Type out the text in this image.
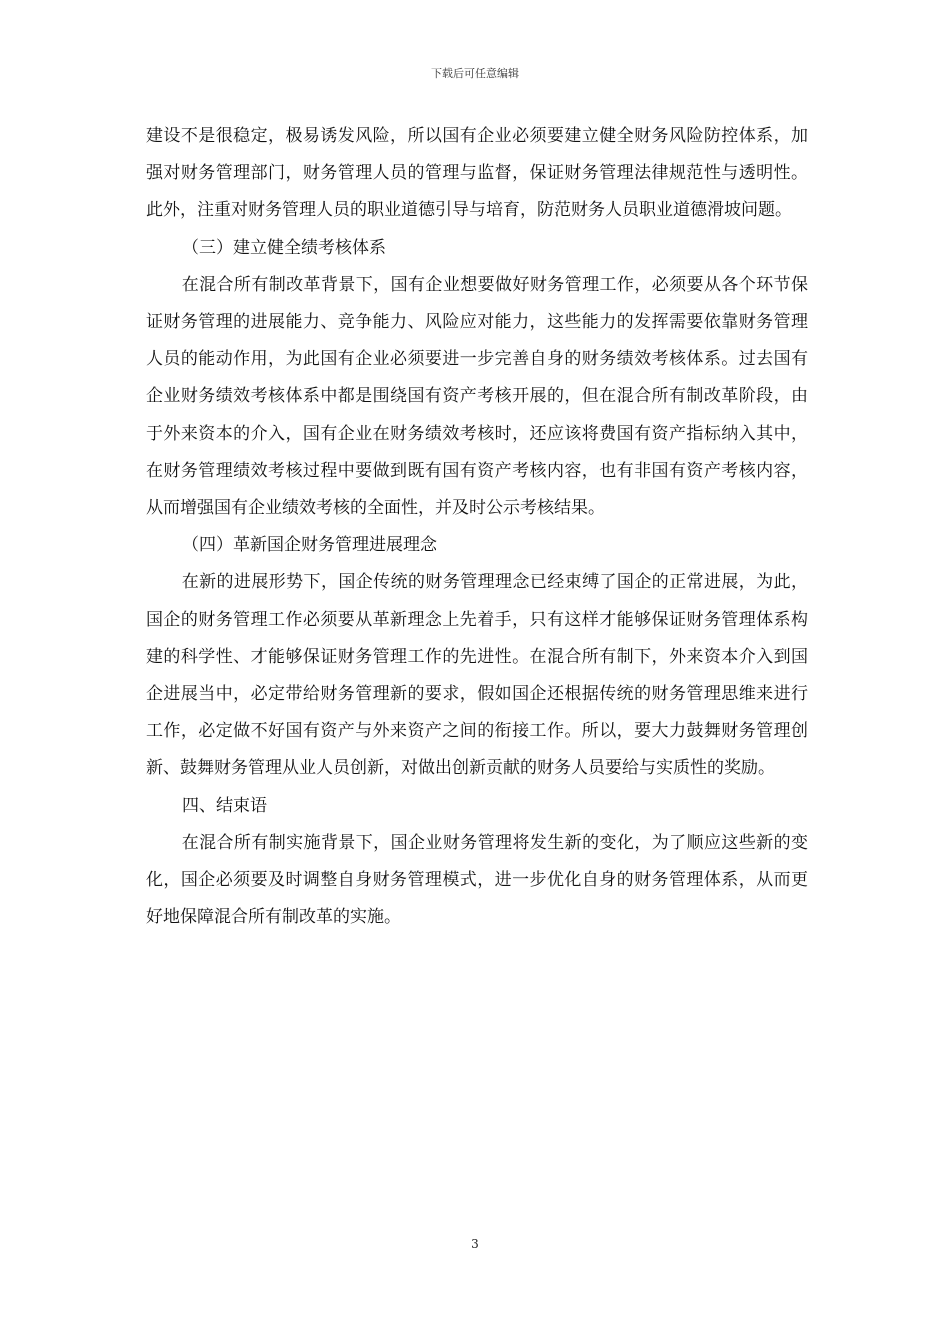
下载后可任意编辑

建设不是很稳定，极易诱发风险，所以国有企业必须要建立健全财务风险防控体系，加强对财务管理部门，财务管理人员的管理与监督，保证财务管理法律规范性与透明性。此外，注重对财务管理人员的职业道德引导与培育，防范财务人员职业道德滑坡问题。

（三）建立健全绩考核体系

在混合所有制改革背景下，国有企业想要做好财务管理工作，必须要从各个环节保证财务管理的进展能力、竞争能力、风险应对能力，这些能力的发挥需要依靠财务管理人员的能动作用，为此国有企业必须要进一步完善自身的财务绩效考核体系。过去国有企业财务绩效考核体系中都是围绕国有资产考核开展的，但在混合所有制改革阶段，由于外来资本的介入，国有企业在财务绩效考核时，还应该将费国有资产指标纳入其中，在财务管理绩效考核过程中要做到既有国有资产考核内容，也有非国有资产考核内容，从而增强国有企业绩效考核的全面性，并及时公示考核结果。

（四）革新国企财务管理进展理念

在新的进展形势下，国企传统的财务管理理念已经束缚了国企的正常进展，为此，国企的财务管理工作必须要从革新理念上先着手，只有这样才能够保证财务管理体系构建的科学性、才能够保证财务管理工作的先进性。在混合所有制下，外来资本介入到国企进展当中，必定带给财务管理新的要求，假如国企还根据传统的财务管理思维来进行工作，必定做不好国有资产与外来资产之间的衔接工作。所以，要大力鼓舞财务管理创新、鼓舞财务管理从业人员创新，对做出创新贡献的财务人员要给与实质性的奖励。

四、结束语

在混合所有制实施背景下，国企业财务管理将发生新的变化，为了顺应这些新的变化，国企必须要及时调整自身财务管理模式，进一步优化自身的财务管理体系，从而更好地保障混合所有制改革的实施。

3
